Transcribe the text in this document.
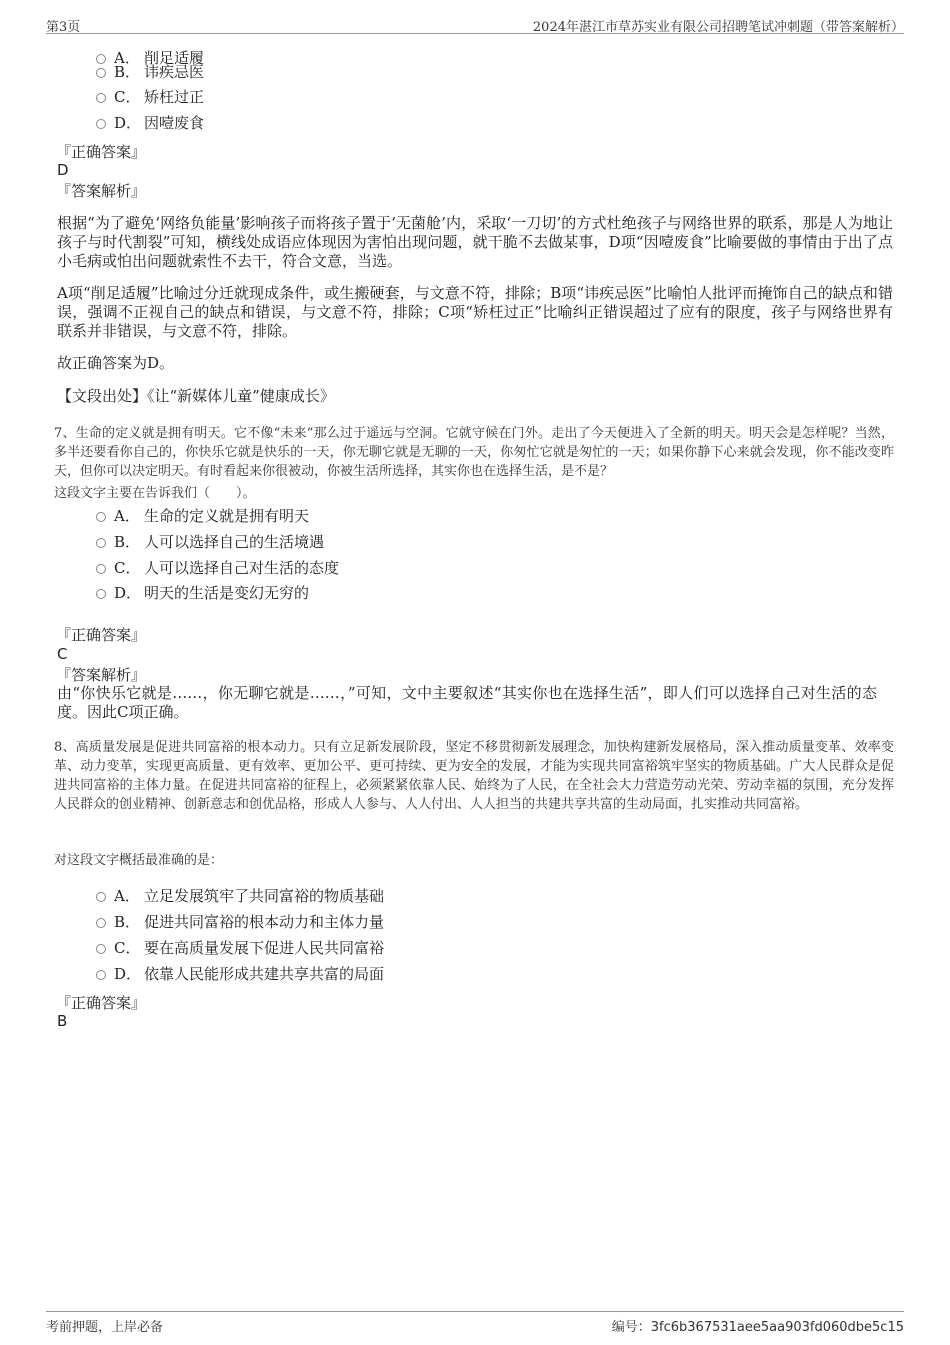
第3页	2024年湛江市草苏实业有限公司招聘笔试冲刺题（带答案解析）
A． 削足适履
B． 讳疾忌医
C． 矫枉过正
D． 因噎废食
『正确答案』
D
『答案解析』
根据“为了避免‘网络负能量’影响孩子而将孩子置于‘无菌舱’内，采取‘一刀切’的方式杜绝孩子与网络世界的联系，那是人为地让孩子与时代割裂”可知，横线处成语应体现因为害怕出现问题，就干脆不去做某事，D项“因噎废食”比喻要做的事情由于出了点小毛病或怕出问题就索性不去干，符合文意，当选。
A项“削足适履”比喻过分迁就现成条件，或生搬硬套，与文意不符，排除；B项“讳疾忌医”比喻怕人批评而掩饰自己的缺点和错误，强调不正视自己的缺点和错误，与文意不符，排除；C项“矫枉过正”比喻纠正错误超过了应有的限度，孩子与网络世界有联系并非错误，与文意不符，排除。
故正确答案为D。
【文段出处】《让“新媒体儿童”健康成长》
7、生命的定义就是拥有明天。它不像“未来”那么过于遥远与空洞。它就守候在门外。走出了今天便进入了全新的明天。明天会是怎样呢？当然，多半还要看你自己的，你快乐它就是快乐的一天，你无聊它就是无聊的一天，你匆忙它就是匆忙的一天；如果你静下心来就会发现，你不能改变昨天，但你可以决定明天。有时看起来你很被动，你被生活所选择，其实你也在选择生活，是不是？
这段文字主要在告诉我们（　　）。
A． 生命的定义就是拥有明天
B． 人可以选择自己的生活境遇
C． 人可以选择自己对生活的态度
D． 明天的生活是变幻无穷的
『正确答案』
C
『答案解析』
由“你快乐它就是……，你无聊它就是……，”可知，文中主要叙述“其实你也在选择生活”，即人们可以选择自己对生活的态度。因此C项正确。
8、高质量发展是促进共同富裕的根本动力。只有立足新发展阶段，坚定不移贯彻新发展理念，加快构建新发展格局，深入推动质量变革、效率变革、动力变革，实现更高质量、更有效率、更加公平、更可持续、更为安全的发展，才能为实现共同富裕筑牢坚实的物质基础。广大人民群众是促进共同富裕的主体力量。在促进共同富裕的征程上，必须紧紧依靠人民、始终为了人民，在全社会大力营造劳动光荣、劳动幸福的氛围，充分发挥人民群众的创业精神、创新意志和创优品格，形成人人参与、人人付出、人人担当的共建共享共富的生动局面，扎实推动共同富裕。
对这段文字概括最准确的是：
A． 立足发展筑牢了共同富裕的物质基础
B． 促进共同富裕的根本动力和主体力量
C． 要在高质量发展下促进人民共同富裕
D． 依靠人民能形成共建共享共富的局面
『正确答案』
B
考前押题，上岸必备	编号：3fc6b367531aee5aa903fd060dbe5c15
